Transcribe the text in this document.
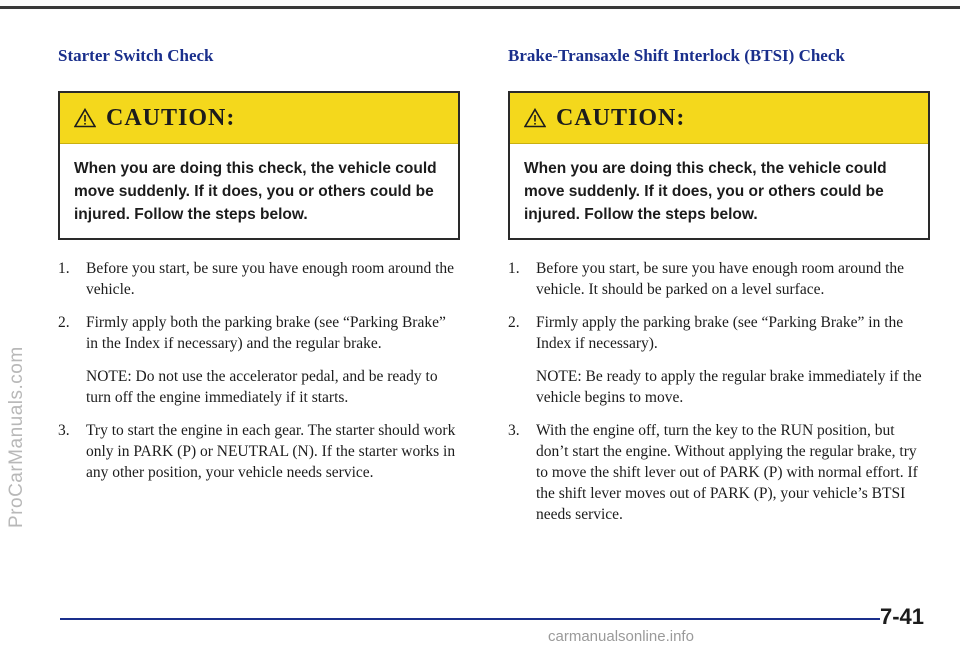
ProCarManuals.com
Starter Switch Check
CAUTION:
When you are doing this check, the vehicle could move suddenly. If it does, you or others could be injured. Follow the steps below.
1.	Before you start, be sure you have enough room around the vehicle.
2.	Firmly apply both the parking brake (see “Parking Brake” in the Index if necessary) and the regular brake.
NOTE: Do not use the accelerator pedal, and be ready to turn off the engine immediately if it starts.
3.	Try to start the engine in each gear. The starter should work only in PARK (P) or NEUTRAL (N). If the starter works in any other position, your vehicle needs service.
Brake-Transaxle Shift Interlock (BTSI) Check
CAUTION:
When you are doing this check, the vehicle could move suddenly. If it does, you or others could be injured. Follow the steps below.
1.	Before you start, be sure you have enough room around the vehicle. It should be parked on a level surface.
2.	Firmly apply the parking brake (see “Parking Brake” in the Index if necessary).
NOTE: Be ready to apply the regular brake immediately if the vehicle begins to move.
3.	With the engine off, turn the key to the RUN position, but don’t start the engine. Without applying the regular brake, try to move the shift lever out of PARK (P) with normal effort. If the shift lever moves out of PARK (P), your vehicle’s BTSI needs service.
7-41
carmanualsonline.info
